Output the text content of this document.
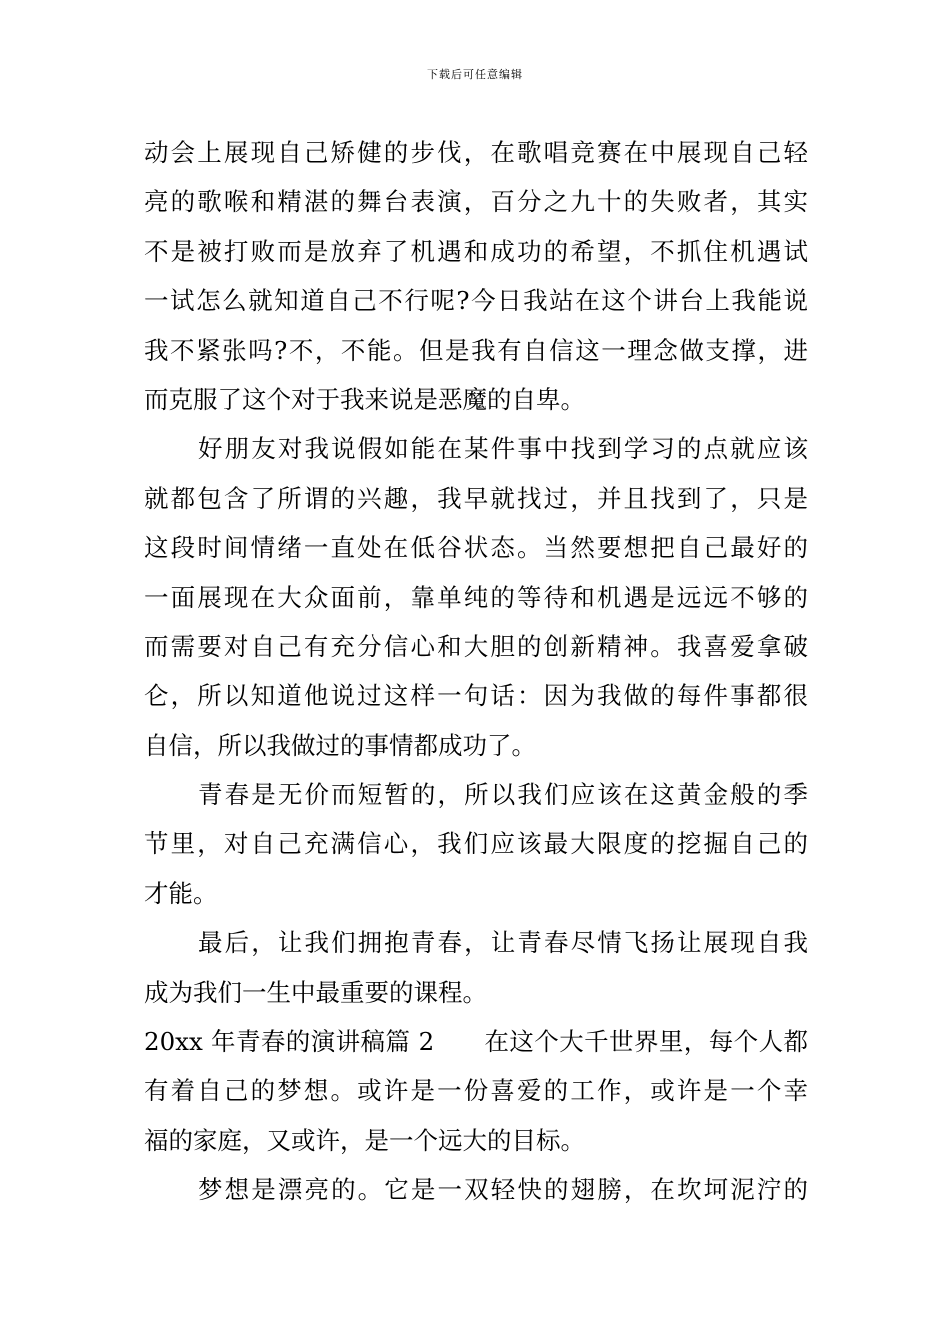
下载后可任意编辑
动会上展现自己矫健的步伐，在歌唱竞赛在中展现自己轻
亮的歌喉和精湛的舞台表演，百分之九十的失败者，其实
不是被打败而是放弃了机遇和成功的希望，不抓住机遇试
一试怎么就知道自己不行呢?今日我站在这个讲台上我能说
我不紧张吗?不，不能。但是我有自信这一理念做支撑，进
而克服了这个对于我来说是恶魔的自卑。
好朋友对我说假如能在某件事中找到学习的点就应该
就都包含了所谓的兴趣，我早就找过，并且找到了，只是
这段时间情绪一直处在低谷状态。当然要想把自己最好的
一面展现在大众面前，靠单纯的等待和机遇是远远不够的
而需要对自己有充分信心和大胆的创新精神。我喜爱拿破
仑，所以知道他说过这样一句话：因为我做的每件事都很
自信，所以我做过的事情都成功了。
青春是无价而短暂的，所以我们应该在这黄金般的季
节里，对自己充满信心，我们应该最大限度的挖掘自己的
才能。
最后，让我们拥抱青春，让青春尽情飞扬让展现自我
成为我们一生中最重要的课程。
20xx 年青春的演讲稿篇 2　　在这个大千世界里，每个人都
有着自己的梦想。或许是一份喜爱的工作，或许是一个幸
福的家庭，又或许，是一个远大的目标。
梦想是漂亮的。它是一双轻快的翅膀，在坎坷泥泞的
